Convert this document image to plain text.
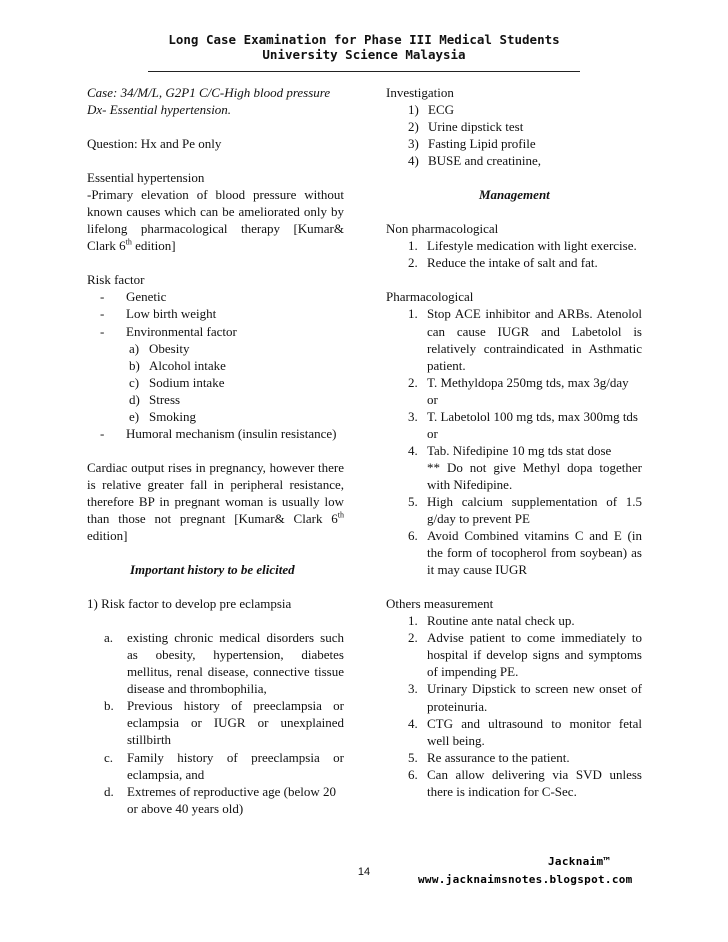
Long Case Examination for Phase III Medical Students
University Science Malaysia

Case: 34/M/L, G2P1 C/C-High blood pressure

Dx- Essential hypertension.

Question: Hx and Pe only

Essential hypertension

-Primary elevation of blood pressure without

known causes which can be ameliorated only by

lifelong pharmacological therapy [Kumar&

Clark 6th edition]

Risk factor

-	Genetic
-	Low birth weight
-	Environmental factor
a) Obesity
b) Alcohol intake
c) Sodium intake
d) Stress
e) Smoking
-	Humoral mechanism (insulin resistance)

Cardiac output rises in pregnancy, however there

is relative greater fall in peripheral resistance,

therefore BP in pregnant woman is usually low

than those not pregnant [Kumar& Clark 6th

edition]

Important history to be elicited

1) Risk factor to develop pre eclampsia

a.	existing chronic medical disorders such

as obesity, hypertension, diabetes

mellitus, renal disease, connective tissue

disease and thrombophilia,

b.	Previous history of preeclampsia or

eclampsia or IUGR or unexplained

stillbirth

c.	Family history of preeclampsia or

eclampsia, and

d.	Extremes of reproductive age (below 20

or above 40 years old)

Investigation

1) ECG
2) Urine dipstick test
3) Fasting Lipid profile
4) BUSE and creatinine,

Management

Non pharmacological

1. Lifestyle medication with light exercise.
2. Reduce the intake of salt and fat.

Pharmacological

1. Stop ACE inhibitor and ARBs. Atenolol

can cause IUGR and Labetolol is

relatively contraindicated in Asthmatic

patient.

2. T. Methyldopa 250mg tds, max 3g/day

or

3. T. Labetolol 100 mg tds, max 300mg tds

or

4. Tab. Nifedipine 10 mg tds stat dose

** Do not give Methyl dopa together

with Nifedipine.

5. High calcium supplementation of 1.5

g/day to prevent PE

6. Avoid Combined vitamins C and E (in

the form of tocopherol from soybean) as

it may cause IUGR

Others measurement

1. Routine ante natal check up.
2. Advise patient to come immediately to

hospital if develop signs and symptoms

of impending PE.

3. Urinary Dipstick to screen new onset of

proteinuria.

4. CTG and ultrasound to monitor fetal

well being.

5. Re assurance to the patient.
6. Can allow delivering via SVD unless

there is indication for C-Sec.

14
Jacknaim™
www.jacknaimsnotes.blogspot.com
